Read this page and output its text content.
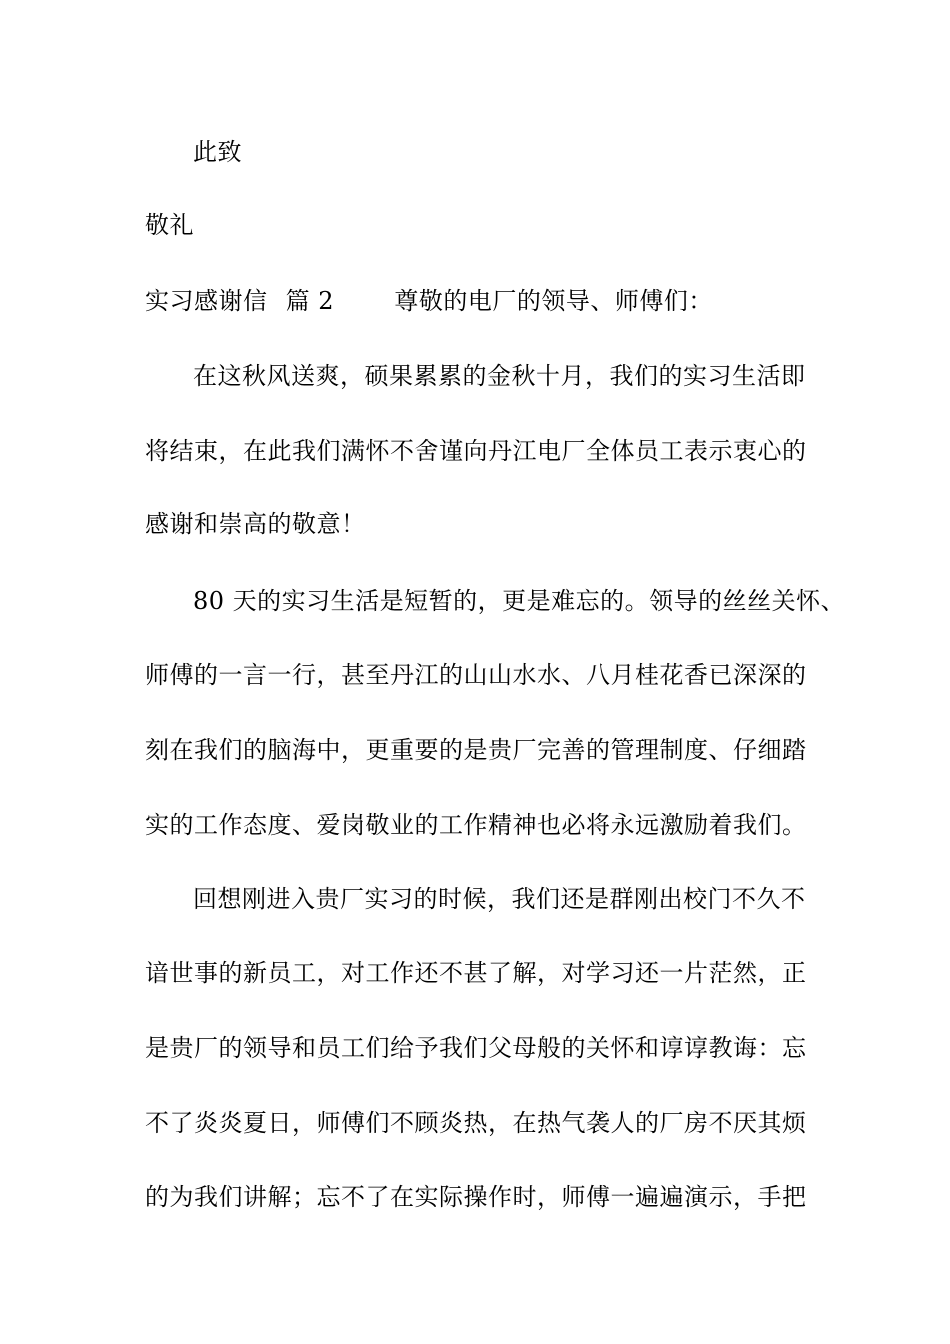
此致
敬礼
实习感谢信 篇 2	尊敬的电厂的领导、师傅们：
在这秋风送爽，硕果累累的金秋十月，我们的实习生活即
将结束，在此我们满怀不舍谨向丹江电厂全体员工表示衷心的
感谢和崇高的敬意！
80 天的实习生活是短暂的，更是难忘的。领导的丝丝关怀、
师傅的一言一行，甚至丹江的山山水水、八月桂花香已深深的
刻在我们的脑海中，更重要的是贵厂完善的管理制度、仔细踏
实的工作态度、爱岗敬业的工作精神也必将永远激励着我们。
回想刚进入贵厂实习的时候，我们还是群刚出校门不久不
谙世事的新员工，对工作还不甚了解，对学习还一片茫然，正
是贵厂的领导和员工们给予我们父母般的关怀和谆谆教诲：忘
不了炎炎夏日，师傅们不顾炎热，在热气袭人的厂房不厌其烦
的为我们讲解；忘不了在实际操作时，师傅一遍遍演示，手把
